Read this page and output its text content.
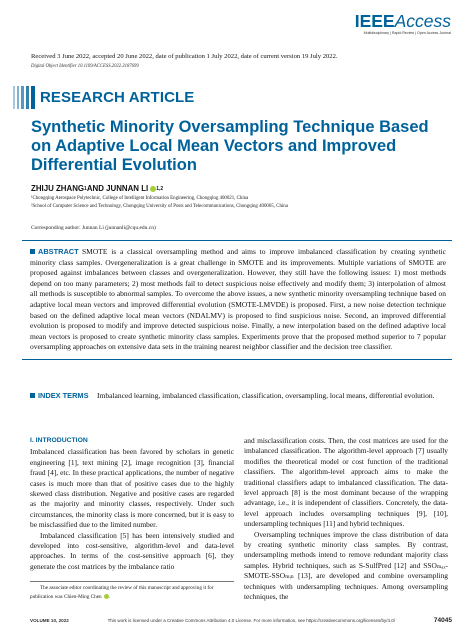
IEEEAccess
Multidisciplinary | Rapid Review | Open Access Journal
Received 3 June 2022, accepted 20 June 2022, date of publication 1 July 2022, date of current version 19 July 2022.
Digital Object Identifier 10.1109/ACCESS.2022.3187699
RESEARCH ARTICLE
Synthetic Minority Oversampling Technique Based on Adaptive Local Mean Vectors and Improved Differential Evolution
ZHIJU ZHANG 1 AND JUNNAN LI 1,2
¹Chongqing Aerospace Polytechnic, College of Intelligent Information Engineering, Chongqing 400021, China
²School of Computer Science and Technology, Chongqing University of Posts and Telecommunications, Chongqing 400065, China
Corresponding author: Junnan Li (junnanli@cqu.edu.cn)
ABSTRACT SMOTE is a classical oversampling method and aims to improve imbalanced classification by creating synthetic minority class samples. Overgeneralization is a great challenge in SMOTE and its improvements. Multiple variations of SMOTE are proposed against imbalances between classes and overgeneralization. However, they still have the following issues: 1) most methods depend on too many parameters; 2) most methods fail to detect suspicious noise effectively and modify them; 3) interpolation of almost all methods is susceptible to abnormal samples. To overcome the above issues, a new synthetic minority oversampling technique based on adaptive local mean vectors and improved differential evolution (SMOTE-LMVDE) is proposed. First, a new noise detection technique based on the defined adaptive local mean vectors (NDALMV) is proposed to find suspicious noise. Second, an improved differential evolution is proposed to modify and improve detected suspicious noise. Finally, a new interpolation based on the defined adaptive local mean vectors is proposed to create synthetic minority class samples. Experiments prove that the proposed method superior to 7 popular oversampling approaches on extensive data sets in the training nearest neighbor classifier and the decision tree classifier.

INDEX TERMS	Imbalanced learning, imbalanced classification, classification, oversampling, local means, differential evolution.

I. INTRODUCTION

Imbalanced classification has been favored by scholars in genetic engineering [1], text mining [2], image recognition [3], financial fraud [4], etc. In these practical applications, the number of negative cases is much more than that of positive cases due to the highly skewed class distribution. Negative and positive cases are regarded as the majority and minority classes, respectively. Under such circumstances, the minority class is more concerned, but it is easy to be misclassified due to the limited number.

Imbalanced classification [5] has been intensively studied and developed into cost-sensitive, algorithm-level and data-level approaches. In terms of the cost-sensitive approach [6], they generate the cost matrices by the imbalance ratio

and misclassification costs. Then, the cost matrices are used for the imbalanced classification. The algorithm-level approach [7] usually modifies the theoretical model or cost function of the traditional classifiers. The algorithm-level approach aims to make the traditional classifiers adapt to imbalanced classification. The data-level approach [8] is the most dominant because of the wrapping advantage, i.e., it is independent of classifiers. Concretely, the data-level approach includes oversampling techniques [9], [10], undersampling techniques [11] and hybrid techniques.

Oversampling techniques improve the class distribution of data by creating synthetic minority class samples. By contrast, undersampling methods intend to remove redundant majority class samples. Hybrid techniques, such as S-SulfPred [12] and SSOₘₐₓ-SMOTE-SSOₘᵢₙ [13], are developed and combine oversampling techniques with undersampling techniques. Among oversampling techniques, the

The associate editor coordinating the review of this manuscript and approving it for publication was Chien-Ming Chen .
VOLUME 10, 2022	This work is licensed under a Creative Commons Attribution 4.0 License. For more information, see https://creativecommons.org/licenses/by/4.0/	74045
